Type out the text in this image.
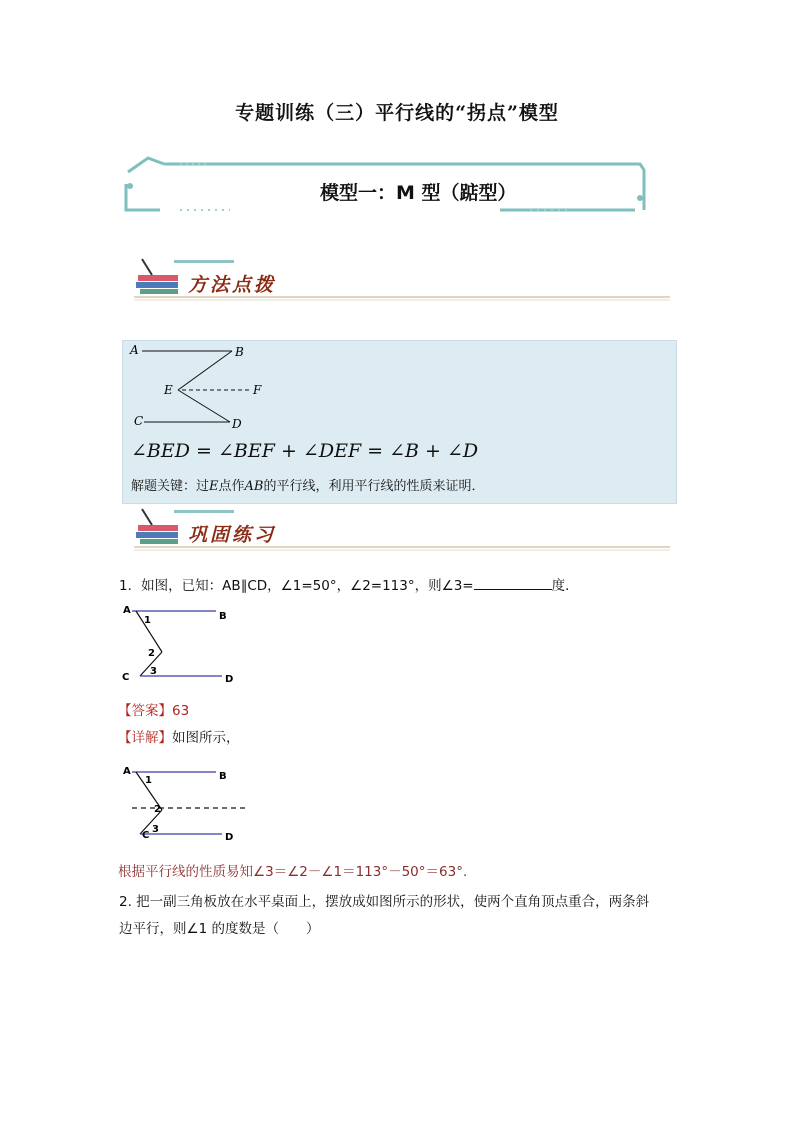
专题训练（三）平行线的“拐点”模型
模型一：M 型（踮型）
方法点拨
A	B
E	F
C	D
∠BED = ∠BEF + ∠DEF = ∠B + ∠D
解题关键：过E点作AB的平行线，利用平行线的性质来证明．
巩固练习
1．如图，已知：AB∥CD，∠1=50°，∠2=113°，则∠3=	度．
A
B
C	D
1
2
3
【答案】63
【详解】如图所示，
A	B
C	D
1
2
3
根据平行线的性质易知∠3＝∠2－∠1＝113°－50°＝63°．
2. 把一副三角板放在水平桌面上，摆放成如图所示的形状，使两个直角顶点重合，两条斜
边平行，则∠1 的度数是（　　）
